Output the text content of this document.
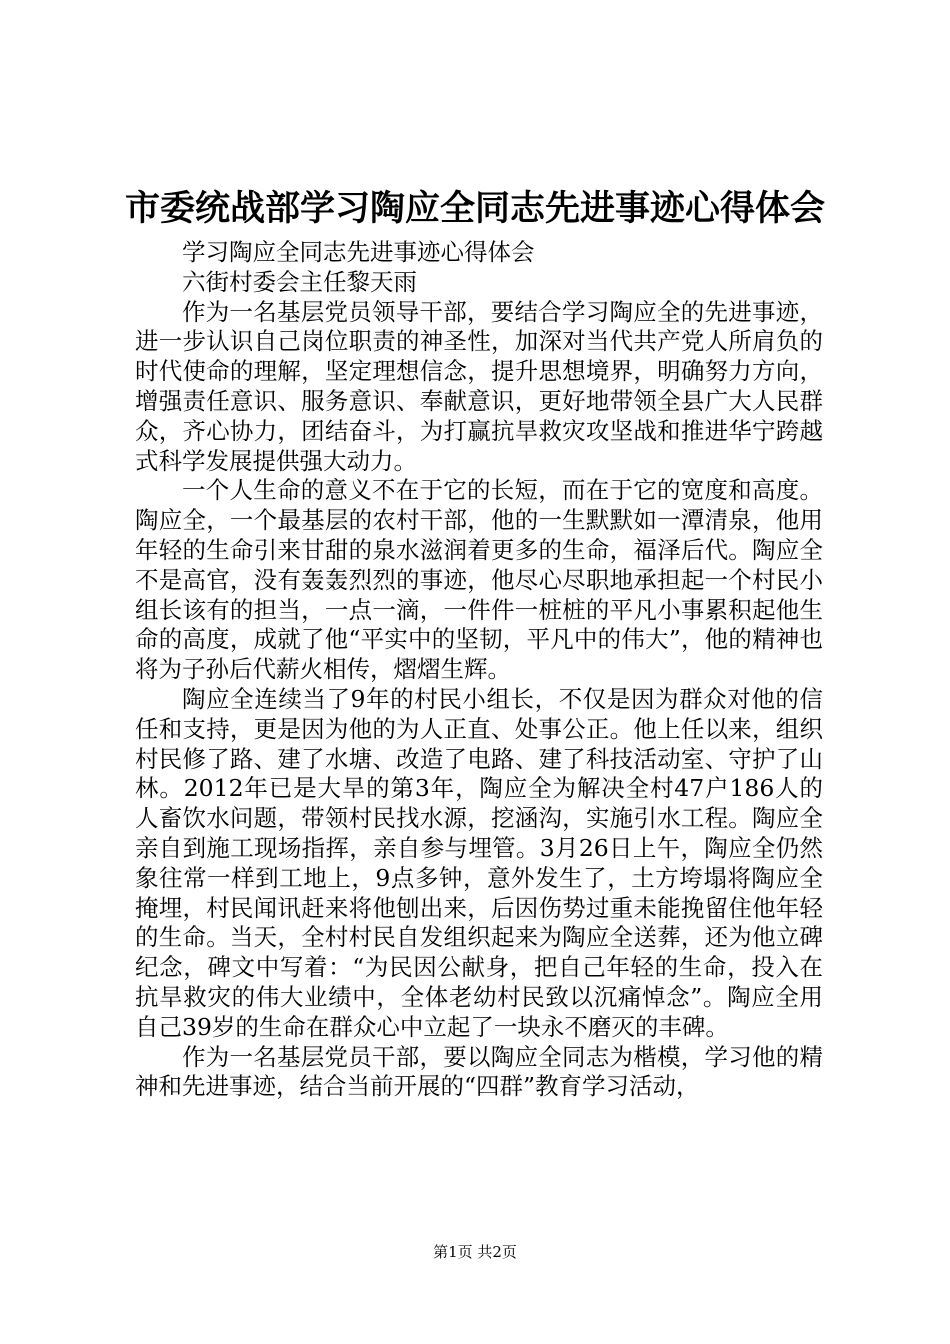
市委统战部学习陶应全同志先进事迹心得体会

学习陶应全同志先进事迹心得体会

六街村委会主任黎天雨

作为一名基层党员领导干部，要结合学习陶应全的先进事迹，进一步认识自己岗位职责的神圣性，加深对当代共产党人所肩负的时代使命的理解，坚定理想信念，提升思想境界，明确努力方向，增强责任意识、服务意识、奉献意识，更好地带领全县广大人民群众，齐心协力，团结奋斗，为打赢抗旱救灾攻坚战和推进华宁跨越式科学发展提供强大动力。

一个人生命的意义不在于它的长短，而在于它的宽度和高度。陶应全，一个最基层的农村干部，他的一生默默如一潭清泉，他用年轻的生命引来甘甜的泉水滋润着更多的生命，福泽后代。陶应全不是高官，没有轰轰烈烈的事迹，他尽心尽职地承担起一个村民小组长该有的担当，一点一滴，一件件一桩桩的平凡小事累积起他生命的高度，成就了他“平实中的坚韧，平凡中的伟大”，他的精神也将为子孙后代薪火相传，熠熠生辉。

陶应全连续当了9年的村民小组长，不仅是因为群众对他的信任和支持，更是因为他的为人正直、处事公正。他上任以来，组织村民修了路、建了水塘、改造了电路、建了科技活动室、守护了山林。2012年已是大旱的第3年，陶应全为解决全村47户186人的人畜饮水问题，带领村民找水源，挖涵沟，实施引水工程。陶应全亲自到施工现场指挥，亲自参与埋管。3月26日上午，陶应全仍然象往常一样到工地上，9点多钟，意外发生了，土方垮塌将陶应全掩埋，村民闻讯赶来将他刨出来，后因伤势过重未能挽留住他年轻的生命。当天，全村村民自发组织起来为陶应全送葬，还为他立碑纪念，碑文中写着：“为民因公献身，把自己年轻的生命，投入在抗旱救灾的伟大业绩中，全体老幼村民致以沉痛悼念”。陶应全用自己39岁的生命在群众心中立起了一块永不磨灭的丰碑。

作为一名基层党员干部，要以陶应全同志为楷模，学习他的精神和先进事迹，结合当前开展的“四群”教育学习活动，

第1页 共2页
